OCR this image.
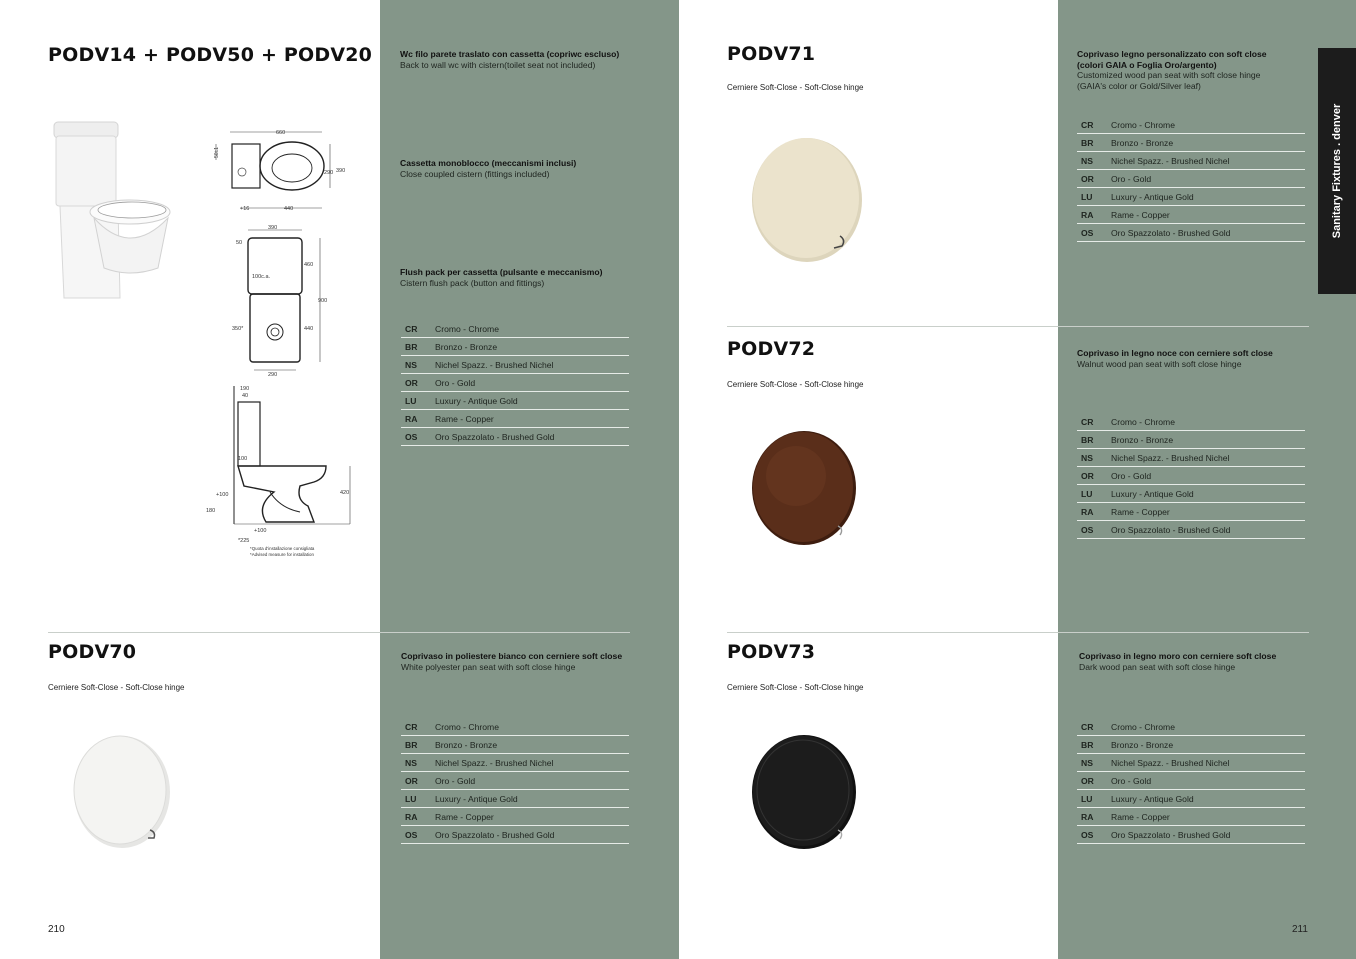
PODV14 + PODV50 + PODV20
660
290 390
440
+16
50±1
390
50
460
100c.a.
900
440
350*
290
190
40
100
420
+100
180
+100
*225
*Quota d'installazione consigliata
*Advised measure for installation
Wc filo parete traslato con cassetta (copriwc escluso)
Back to wall wc with cistern(toilet seat not included)
Cassetta monoblocco (meccanismi inclusi)
Close coupled cistern (fittings included)
Flush pack per cassetta (pulsante e meccanismo)
Cistern flush pack (button and fittings)
CR	Cromo - Chrome
BR	Bronzo - Bronze
NS	Nichel Spazz. - Brushed Nichel
OR	Oro - Gold
LU	Luxury - Antique Gold
RA	Rame - Copper
OS	Oro Spazzolato - Brushed Gold
PODV70
Cerniere Soft-Close - Soft-Close hinge
Coprivaso in poliestere bianco con cerniere soft close
White polyester pan seat with soft close hinge
CR	Cromo - Chrome
BR	Bronzo - Bronze
NS	Nichel Spazz. - Brushed Nichel
OR	Oro - Gold
LU	Luxury - Antique Gold
RA	Rame - Copper
OS	Oro Spazzolato - Brushed Gold
210
PODV71
Cerniere Soft-Close - Soft-Close hinge
Coprivaso legno personalizzato con soft close
(colori GAIA o Foglia Oro/argento)
Customized wood pan seat with soft close hinge
(GAIA's color or Gold/Silver leaf)
CR	Cromo - Chrome
BR	Bronzo - Bronze
NS	Nichel Spazz. - Brushed Nichel
OR	Oro - Gold
LU	Luxury - Antique Gold
RA	Rame - Copper
OS	Oro Spazzolato - Brushed Gold
PODV72
Cerniere Soft-Close - Soft-Close hinge
Coprivaso in legno noce con cerniere soft close
Walnut wood pan seat with soft close hinge
CR	Cromo - Chrome
BR	Bronzo - Bronze
NS	Nichel Spazz. - Brushed Nichel
OR	Oro - Gold
LU	Luxury - Antique Gold
RA	Rame - Copper
OS	Oro Spazzolato - Brushed Gold
PODV73
Cerniere Soft-Close - Soft-Close hinge
Coprivaso in legno moro con cerniere soft close
Dark wood pan seat with soft close hinge
CR	Cromo - Chrome
BR	Bronzo - Bronze
NS	Nichel Spazz. - Brushed Nichel
OR	Oro - Gold
LU	Luxury - Antique Gold
RA	Rame - Copper
OS	Oro Spazzolato - Brushed Gold
Sanitary Fixtures . denver
211
